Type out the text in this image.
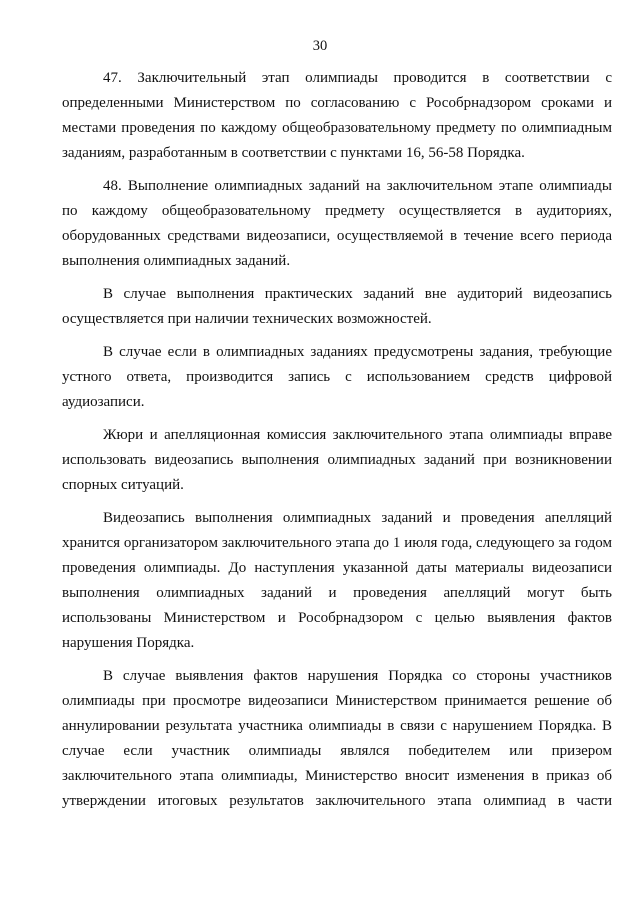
30

47. Заключительный этап олимпиады проводится в соответствии с определенными Министерством по согласованию с Рособрнадзором сроками и местами проведения по каждому общеобразовательному предмету по олимпиадным заданиям, разработанным в соответствии с пунктами 16, 56-58 Порядка.

48. Выполнение олимпиадных заданий на заключительном этапе олимпиады по каждому общеобразовательному предмету осуществляется в аудиториях, оборудованных средствами видеозаписи, осуществляемой в течение всего периода выполнения олимпиадных заданий.

В случае выполнения практических заданий вне аудиторий видеозапись осуществляется при наличии технических возможностей.

В случае если в олимпиадных заданиях предусмотрены задания, требующие устного ответа, производится запись с использованием средств цифровой аудиозаписи.

Жюри и апелляционная комиссия заключительного этапа олимпиады вправе использовать видеозапись выполнения олимпиадных заданий при возникновении спорных ситуаций.

Видеозапись выполнения олимпиадных заданий и проведения апелляций хранится организатором заключительного этапа до 1 июля года, следующего за годом проведения олимпиады. До наступления указанной даты материалы видеозаписи выполнения олимпиадных заданий и проведения апелляций могут быть использованы Министерством и Рособрнадзором с целью выявления фактов нарушения Порядка.

В случае выявления фактов нарушения Порядка со стороны участников олимпиады при просмотре видеозаписи Министерством принимается решение об аннулировании результата участника олимпиады в связи с нарушением Порядка. В случае если участник олимпиады являлся победителем или призером заключительного этапа олимпиады, Министерство вносит изменения в приказ об утверждении итоговых результатов заключительного этапа олимпиад в части
